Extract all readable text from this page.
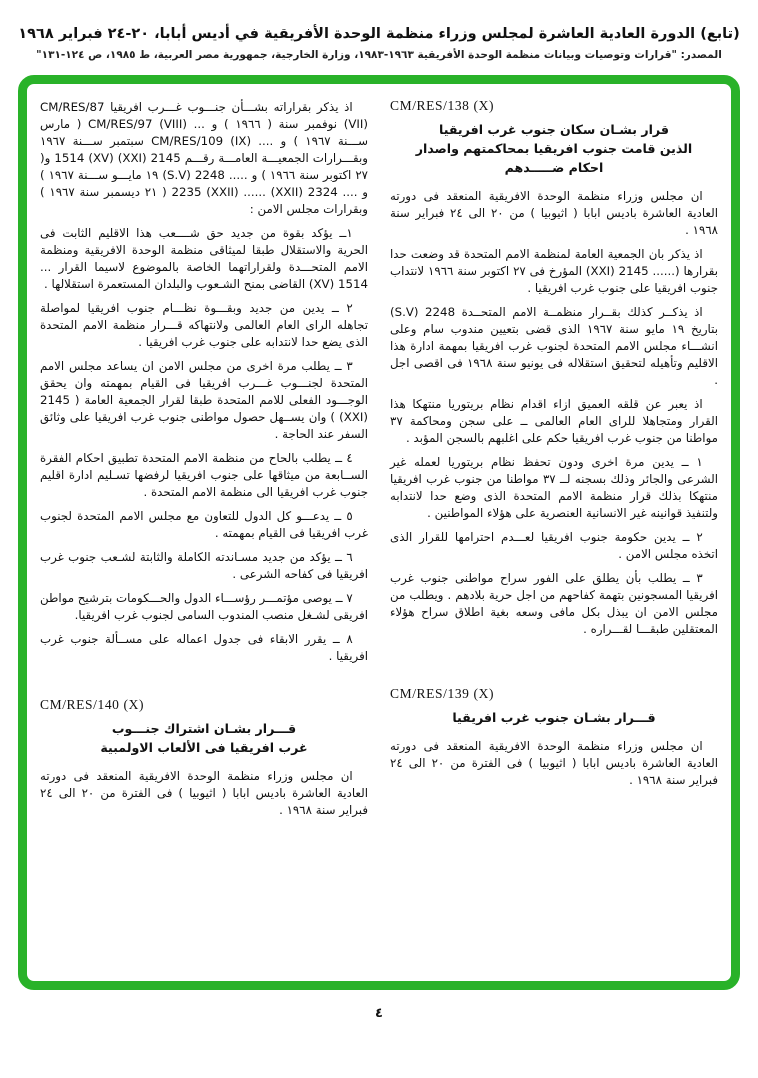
(تابع) الدورة العادية العاشرة لمجلس وزراء منظمة الوحدة الأفريقية في أديس أبابا، ٢٠-٢٤ فبراير ١٩٦٨
المصدر: "قرارات وتوصيات وبيانات منظمة الوحدة الأفريقية ١٩٦٣-١٩٨٣، وزارة الخارجية، جمهورية مصر العربية، ط ١٩٨٥، ص ١٢٤-١٣١"
CM/RES/138 (X)
قرار بشـان سكان جنوب غرب افريقيا
الذين قامت جنوب افريقيا بمحاكمتهم واصدار
احكام ضـــــدهم

ان مجلس وزراء منظمة الوحدة الافريقية المنعقد فى دورته العادية العاشرة باديس ابابا ( اثيوبيا ) من ٢٠ الى ٢٤ فبراير سنة ١٩٦٨ .

اذ يذكر بان الجمعية العامة لمنظمة الامم المتحدة قد وضعت حدا بقرارها (...... 2145 (XXI) المؤرخ فى ٢٧ اكتوبر سنة ١٩٦٦ لانتداب جنوب افريقيا على جنوب غرب افريقيا .

اذ يذكــر كذلك بقــرار منظمــة الامم المتحــدة 2248 (S.V) بتاريخ ١٩ مايو سنة ١٩٦٧ الذى قضى بتعيين مندوب سام وعلى انشـــاء مجلس الامم المتحدة لجنوب غرب افريقيا بمهمة ادارة هذا الاقليم وتأهيله لتحقيق استقلاله فى يونيو سنة ١٩٦٨ فى اقصى اجل .

اذ يعبر عن قلقه العميق ازاء اقدام نظام بريتوريا منتهكا هذا القرار ومتجاهلا للراى العام العالمى ــ على سجن ومحاكمة ٣٧ مواطنا من جنوب غرب افريقيا حكم على اغلبهم بالسجن المؤبد .

١ ــ يدين مرة اخرى ودون تحفظ نظام بريتوريا لعمله غير الشرعى والجائر وذلك بسجنه لــ ٣٧ مواطنا من جنوب غرب افريقيا منتهكا بذلك قرار منظمة الامم المتحدة الذى وضع حدا لانتدابه ولتنفيذ قوانينه غير الانسانية العنصرية على هؤلاء المواطنين .

٢ ــ يدين حكومة جنوب افريقيا لعـــدم احترامها للقرار الذى اتخذه مجلس الامن .

٣ ــ يطلب بأن يطلق على الفور سراح مواطنى جنوب غرب افريقيا المسجونين بتهمة كفاحهم من اجل حرية بلادهم . ويطلب من مجلس الامن ان يبذل بكل مافى وسعه بغية اطلاق سراح هؤلاء المعتقلين طبقـــا لقـــراره .

CM/RES/139 (X)
قـــرار بشـان جنوب غرب افريقيا

ان مجلس وزراء منظمة الوحدة الافريقية المنعقد فى دورته العادية العاشرة باديس ابابا ( اثيوبيا ) فى الفترة من ٢٠ الى ٢٤ فبراير سنة ١٩٦٨ .

اذ يذكر بقراراته بشـــأن جنـــوب غـــرب افريقيا CM/RES/87 (VII) نوفمبر سنة ( ١٩٦٦ ) و ... CM/RES/97 (VIII) ( مارس ســـنة ١٩٦٧ ) و .... CM/RES/109 (IX) سبتمبر ســـنة ١٩٦٧ وبقـــرارات الجمعيـــة العامـــة رقـــم 2145 (XXI) 1514 (XV) و( ٢٧ اكتوبر سنة ١٩٦٦ ) و ..... 2248 (S.V) ١٩ مايـــو ســـنة ١٩٦٧ ) و .... 2324 (XXII) ...... 2235 (XXII) ( ٢١ ديسمبر سنة ١٩٦٧ ) وبقرارات مجلس الامن :

١ــ يؤكد بقوة من جديد حق شــــعب هذا الاقليم الثابت فى الحرية والاستقلال طبقا لميثاقى منظمة الوحدة الافريقية ومنظمة الامم المتحـــدة ولقراراتهما الخاصة بالموضوع لاسيما القرار ... 1514 (XV) القاضى بمنح الشـعوب والبلدان المستعمرة استقلالها .

٢ ــ يدين من جديد وبقـــوة نظـــام جنوب افريقيا لمواصلة تجاهله الراى العام العالمى ولانتهاكه قـــرار منظمة الامم المتحدة الذى يضع حدا لانتدابه على جنوب غرب افريقيا .

٣ ــ يطلب مرة اخرى من مجلس الامن ان يساعد مجلس الامم المتحدة لجنـــوب غـــرب افريقيا فى القيام بمهمته وان يحقق الوجـــود الفعلى للامم المتحدة طبقا لقرار الجمعية العامة ( 2145 (XXI) ) وان يســهل حصول مواطنى جنوب غرب افريقيا على وثائق السفر عند الحاجة .

٤ ــ يطلب بالحاح من منظمة الامم المتحدة تطبيق احكام الفقرة الســابعة من ميثاقها على جنوب افريقيا لرفضها تسـليم ادارة اقليم جنوب غرب افريقيا الى منظمة الامم المتحدة .

٥ ــ يدعـــو كل الدول للتعاون مع مجلس الامم المتحدة لجنوب غرب افريقيا فى القيام بمهمته .

٦ ــ يؤكد من جديد مسـاندته الكاملة والثابتة لشـعب جنوب غرب افريقيا فى كفاحه الشرعى .

٧ ــ يوصى مؤتمـــر رؤســـاء الدول والحـــكومات بترشيح مواطن افريقى لشـغل منصب المندوب السامى لجنوب غرب افريقيا.

٨ ــ يقرر الابقاء فى جدول اعماله على مســألة جنوب غرب افريقيا .

CM/RES/140 (X)
قـــرار بشـان اشتراك جنـــوب
غرب افريقيا فى الألعاب الاولمبية

ان مجلس وزراء منظمة الوحدة الافريقية المنعقد فى دورته العادية العاشرة باديس ابابا ( اثيوبيا ) فى الفترة من ٢٠ الى ٢٤ فبراير سنة ١٩٦٨ .

٤
